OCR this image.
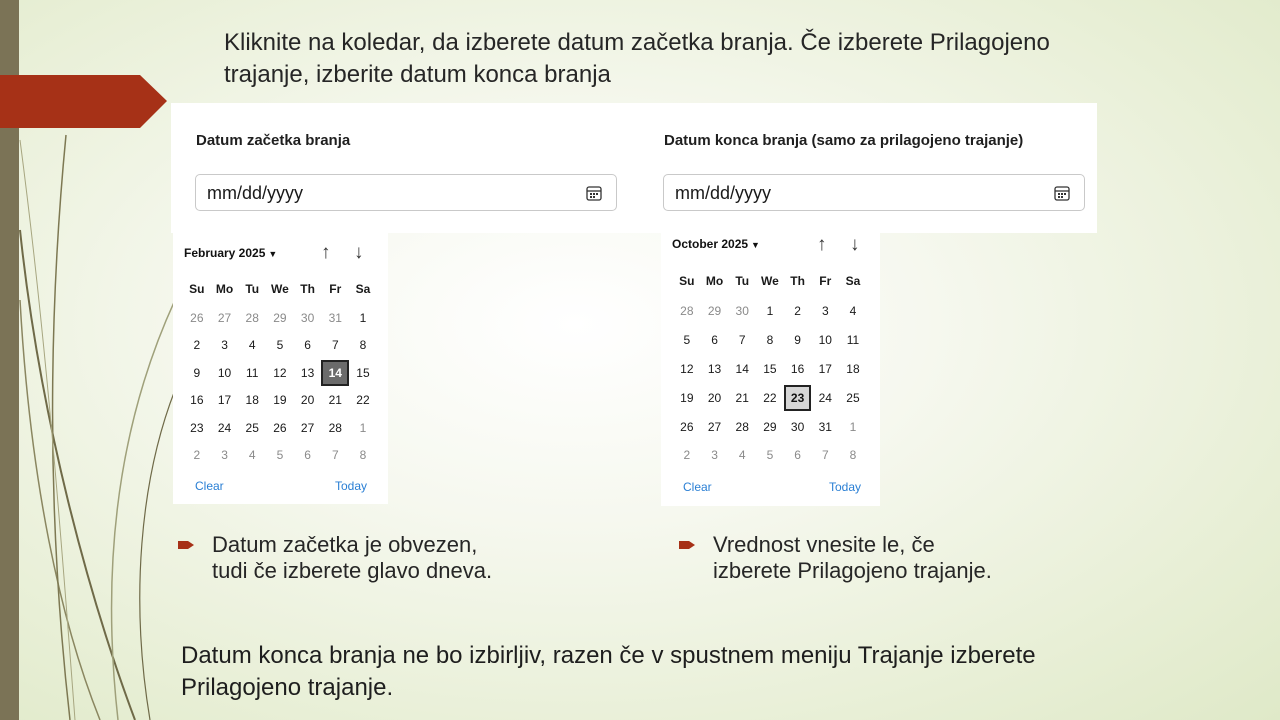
Kliknite na koledar, da izberete datum začetka branja. Če izberete Prilagojeno trajanje, izberite datum konca branja
Datum začetka branja
mm/dd/yyyy	Datum konca branja (samo za prilagojeno trajanje)
mm/dd/yyyy
February 2025 ▼ ↑ ↓
Su Mo	Tu We Th	Fr	Sa
26	27	28	29	30	31	1
2	3	4	5	6	7	8
9	10	11	12	13	14	15
16	17	18	19	20	21	22
23	24	25	26	27	28	1
2	3	4	5	6	7	8
Clear	Today
October 2025 ▼	↑ ↓
Su Mo	Tu We Th	Fr	Sa
28	29	30	1	2	3	4
5	6	7	8	9	10	11
12	13	14	15	16	17	18
19	20	21	22	23	24	25
26	27	28	29	30	31	1
2	3	4	5	6	7	8
Clear	Today
Datum začetka je obvezen,
tudi če izberete glavo dneva.
Vrednost vnesite le, če
izberete Prilagojeno trajanje.
Datum konca branja ne bo izbirljiv, razen če v spustnem meniju Trajanje izberete Prilagojeno trajanje.
